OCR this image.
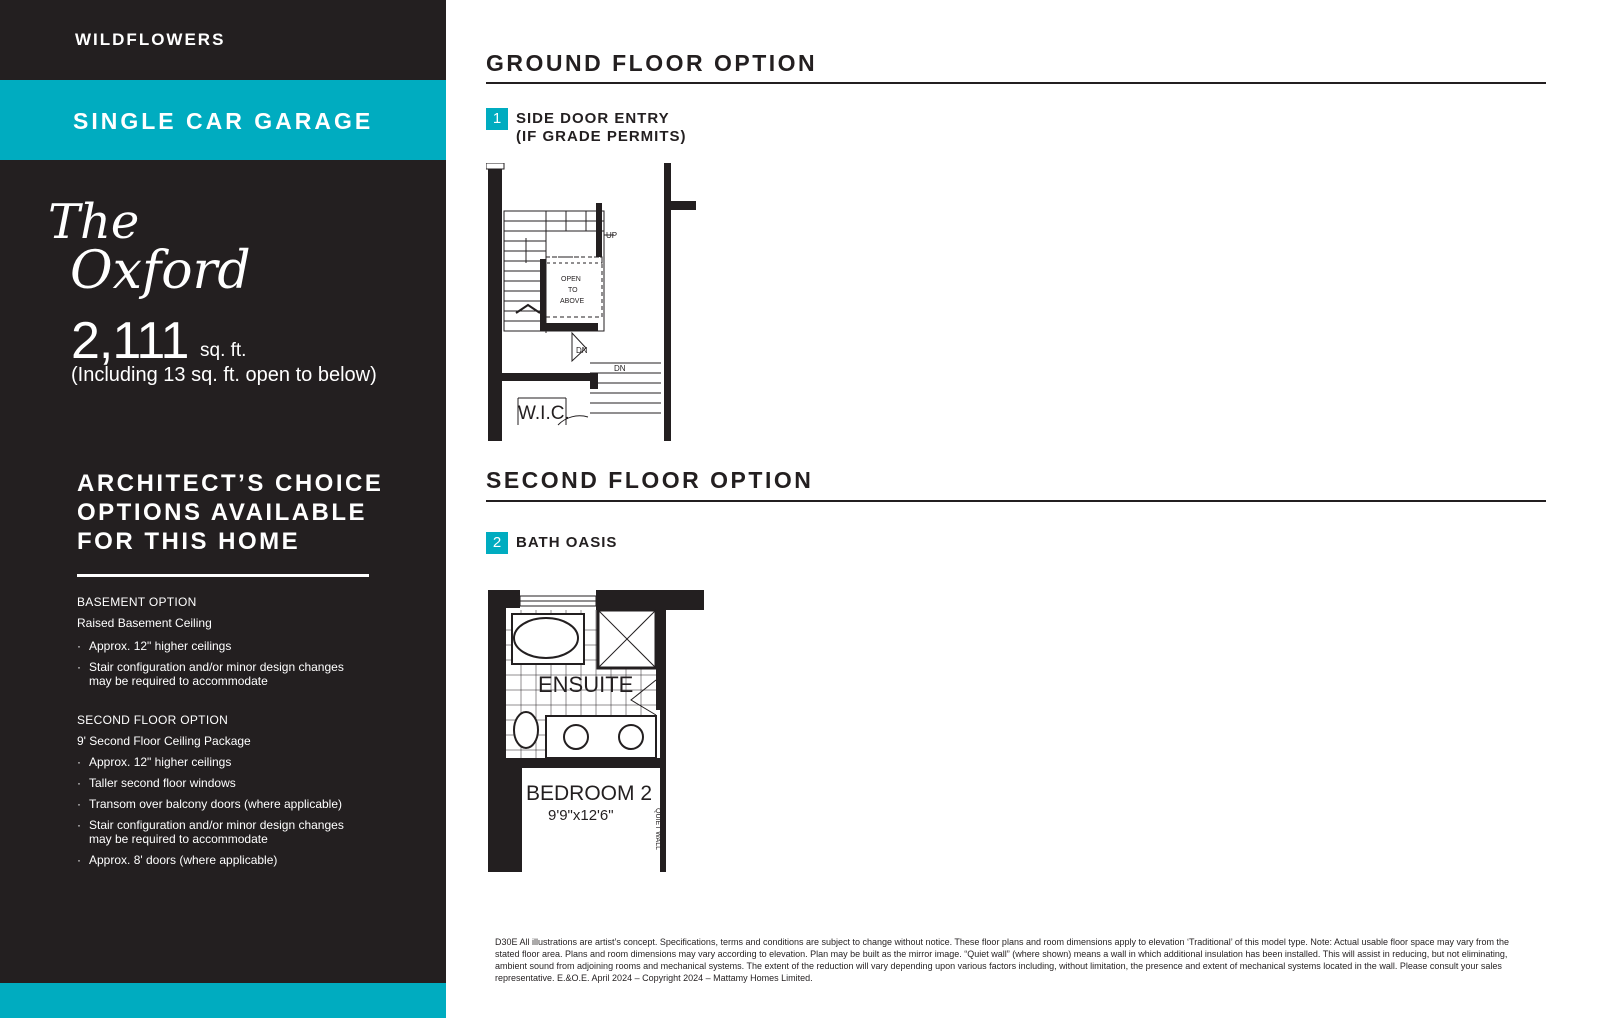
WILDFLOWERS
SINGLE CAR GARAGE
The
Oxford
2,111 sq. ft.
(Including 13 sq. ft. open to below)
ARCHITECT’S CHOICE OPTIONS AVAILABLE FOR THIS HOME
BASEMENT OPTION
Raised Basement Ceiling
· Approx. 12" higher ceilings
· Stair configuration and/or minor design changes may be required to accommodate
SECOND FLOOR OPTION
9' Second Floor Ceiling Package
· Approx. 12" higher ceilings
· Taller second floor windows
· Transom over balcony doors (where applicable)
· Stair configuration and/or minor design changes may be required to accommodate
· Approx. 8' doors (where applicable)
GROUND FLOOR OPTION
1 SIDE DOOR ENTRY
(IF GRADE PERMITS)
UP
OPEN
TO
ABOVE
DN
DN
W.I.C.
SECOND FLOOR OPTION
2 BATH OASIS
ENSUITE
BEDROOM 2
9'9"x12'6"	QUIET WALL
D30E All illustrations are artist’s concept. Specifications, terms and conditions are subject to change without notice. These floor plans and room dimensions apply to elevation ‘Traditional’ of this model type. Note: Actual usable floor space may vary from the stated floor area. Plans and room dimensions may vary according to elevation. Plan may be built as the mirror image. “Quiet wall” (where shown) means a wall in which additional insulation has been installed. This will assist in reducing, but not eliminating, ambient sound from adjoining rooms and mechanical systems. The extent of the reduction will vary depending upon various factors including, without limitation, the presence and extent of mechanical systems located in the wall. Please consult your sales representative. E.&O.E. April 2024 – Copyright 2024 – Mattamy Homes Limited.
